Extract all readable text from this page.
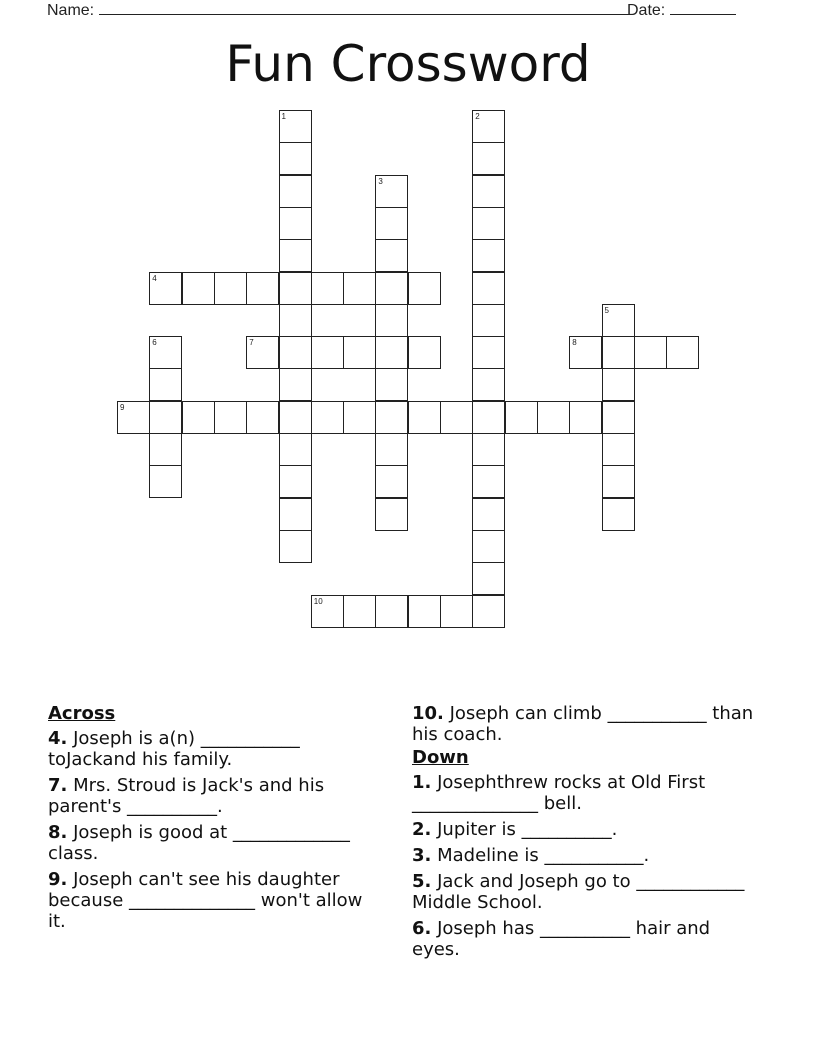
Name:	Date:
Fun Crossword
1	2
3
4
5
6	7	8
9
10
Across
4. Joseph is a(n) ___________ toJackand his family.
7. Mrs. Stroud is Jack's and his parent's __________.
8. Joseph is good at _____________ class.
9. Joseph can't see his daughter because ______________ won't allow it.
10. Joseph can climb ___________ than his coach.
Down
1. Josephthrew rocks at Old First ______________ bell.
2. Jupiter is __________.
3. Madeline is ___________.
5. Jack and Joseph go to ____________ Middle School.
6. Joseph has __________ hair and eyes.
